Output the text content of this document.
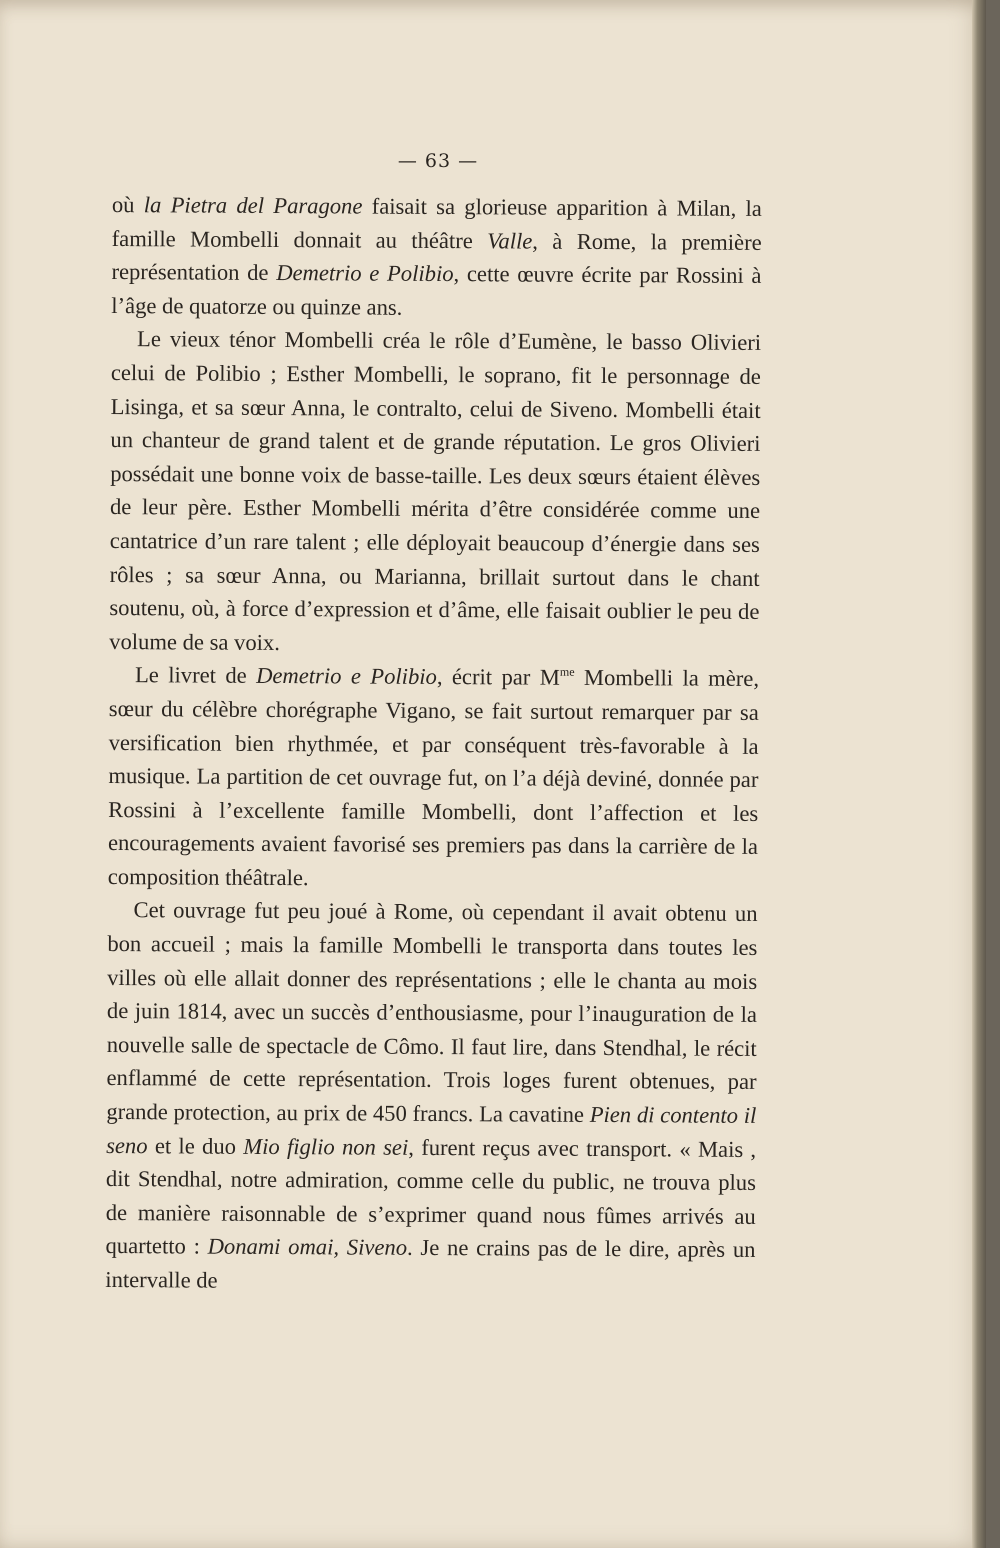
— 63 —

où la Pietra del Paragone faisait sa glorieuse apparition à Milan, la famille Mombelli donnait au théâtre Valle, à Rome, la première représentation de Demetrio e Polibio, cette œuvre écrite par Rossini à l’âge de quatorze ou quinze ans.

Le vieux ténor Mombelli créa le rôle d’Eumène, le basso Olivieri celui de Polibio ; Esther Mombelli, le soprano, fit le personnage de Lisinga, et sa sœur Anna, le contralto, celui de Siveno. Mombelli était un chanteur de grand talent et de grande réputation. Le gros Olivieri possédait une bonne voix de basse-taille. Les deux sœurs étaient élèves de leur père. Esther Mombelli mérita d’être considérée comme une cantatrice d’un rare talent ; elle déployait beaucoup d’énergie dans ses rôles ; sa sœur Anna, ou Marianna, brillait surtout dans le chant soutenu, où, à force d’expression et d’âme, elle faisait oublier le peu de volume de sa voix.

Le livret de Demetrio e Polibio, écrit par $M^{me}$ Mombelli la mère, sœur du célèbre chorégraphe Vigano, se fait surtout remarquer par sa versification bien rhythmée, et par conséquent très-favorable à la musique. La partition de cet ouvrage fut, on l’a déjà deviné, donnée par Rossini à l’excellente famille Mombelli, dont l’affection et les encouragements avaient favorisé ses premiers pas dans la carrière de la composition théâtrale.

Cet ouvrage fut peu joué à Rome, où cependant il avait obtenu un bon accueil ; mais la famille Mombelli le transporta dans toutes les villes où elle allait donner des représentations ; elle le chanta au mois de juin 1814, avec un succès d’enthousiasme, pour l’inauguration de la nouvelle salle de spectacle de Cômo. Il faut lire, dans Stendhal, le récit enflammé de cette représentation. Trois loges furent obtenues, par grande protection, au prix de 450 francs. La cavatine Pien di contento il seno et le duo Mio figlio non sei, furent reçus avec transport. « Mais , dit Stendhal, notre admiration, comme celle du public, ne trouva plus de manière raisonnable de s’exprimer quand nous fûmes arrivés au quartetto : Donami omai, Siveno. Je ne crains pas de le dire, après un intervalle de
